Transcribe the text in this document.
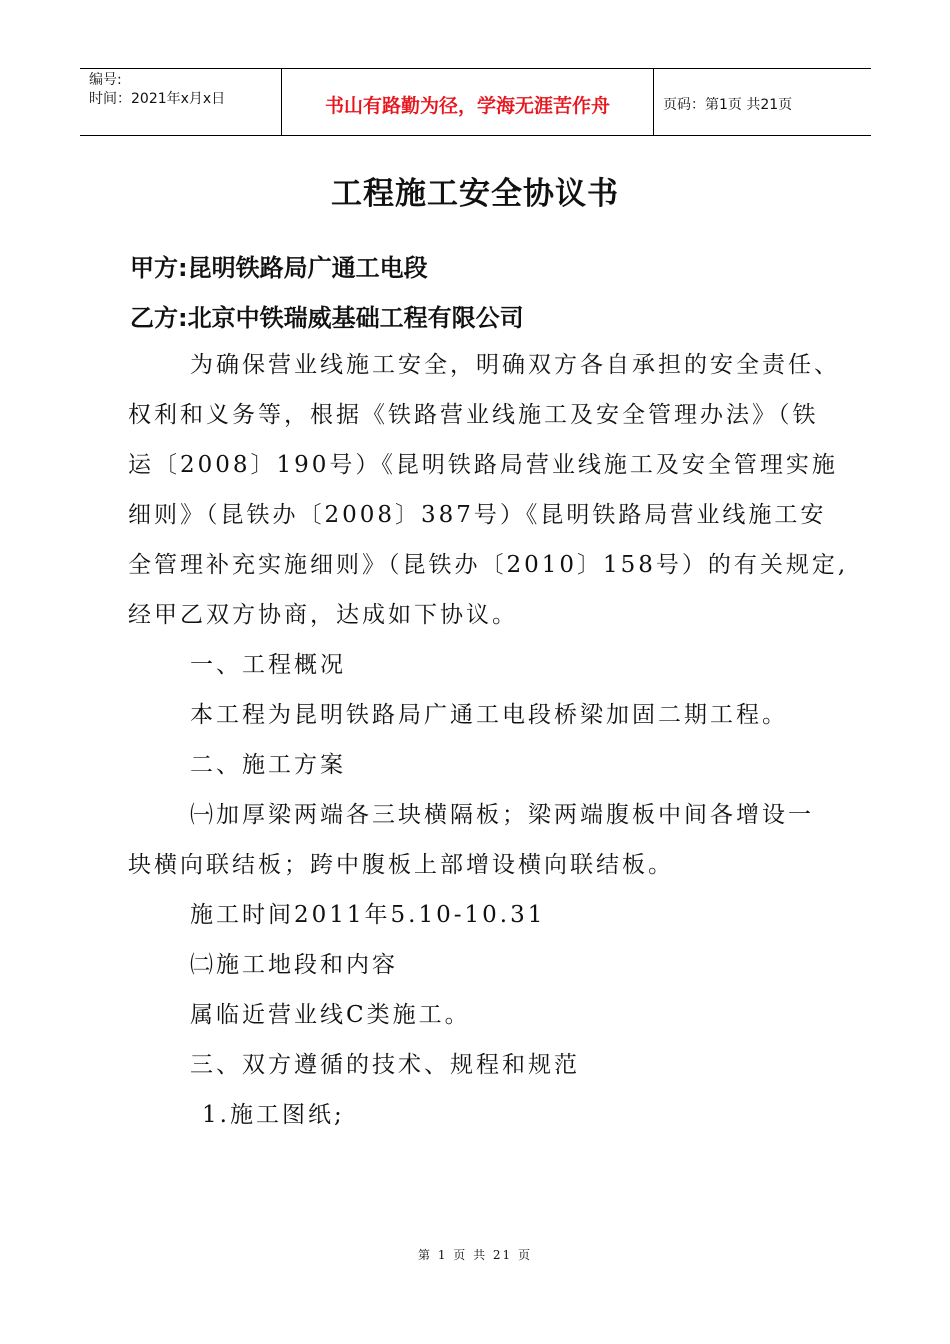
编号:
时间：2021年x月x日	书山有路勤为径，学海无涯苦作舟	页码：第1页 共21页
工程施工安全协议书
甲方:昆明铁路局广通工电段
乙方:北京中铁瑞威基础工程有限公司

为确保营业线施工安全，明确双方各自承担的安全责任、

权利和义务等，根据《铁路营业线施工及安全管理办法》（铁

运〔2008〕190号）《昆明铁路局营业线施工及安全管理实施

细则》（昆铁办〔2008〕387号）《昆明铁路局营业线施工安

全管理补充实施细则》（昆铁办〔2010〕158号）的有关规定,

经甲乙双方协商，达成如下协议。

一、工程概况

本工程为昆明铁路局广通工电段桥梁加固二期工程。

二、施工方案

㈠加厚梁两端各三块横隔板；梁两端腹板中间各增设一

块横向联结板；跨中腹板上部增设横向联结板。

施工时间2011年5.10-10.31

㈡施工地段和内容

属临近营业线C类施工。

三、双方遵循的技术、规程和规范

1.施工图纸;

第 1 页 共 21 页
